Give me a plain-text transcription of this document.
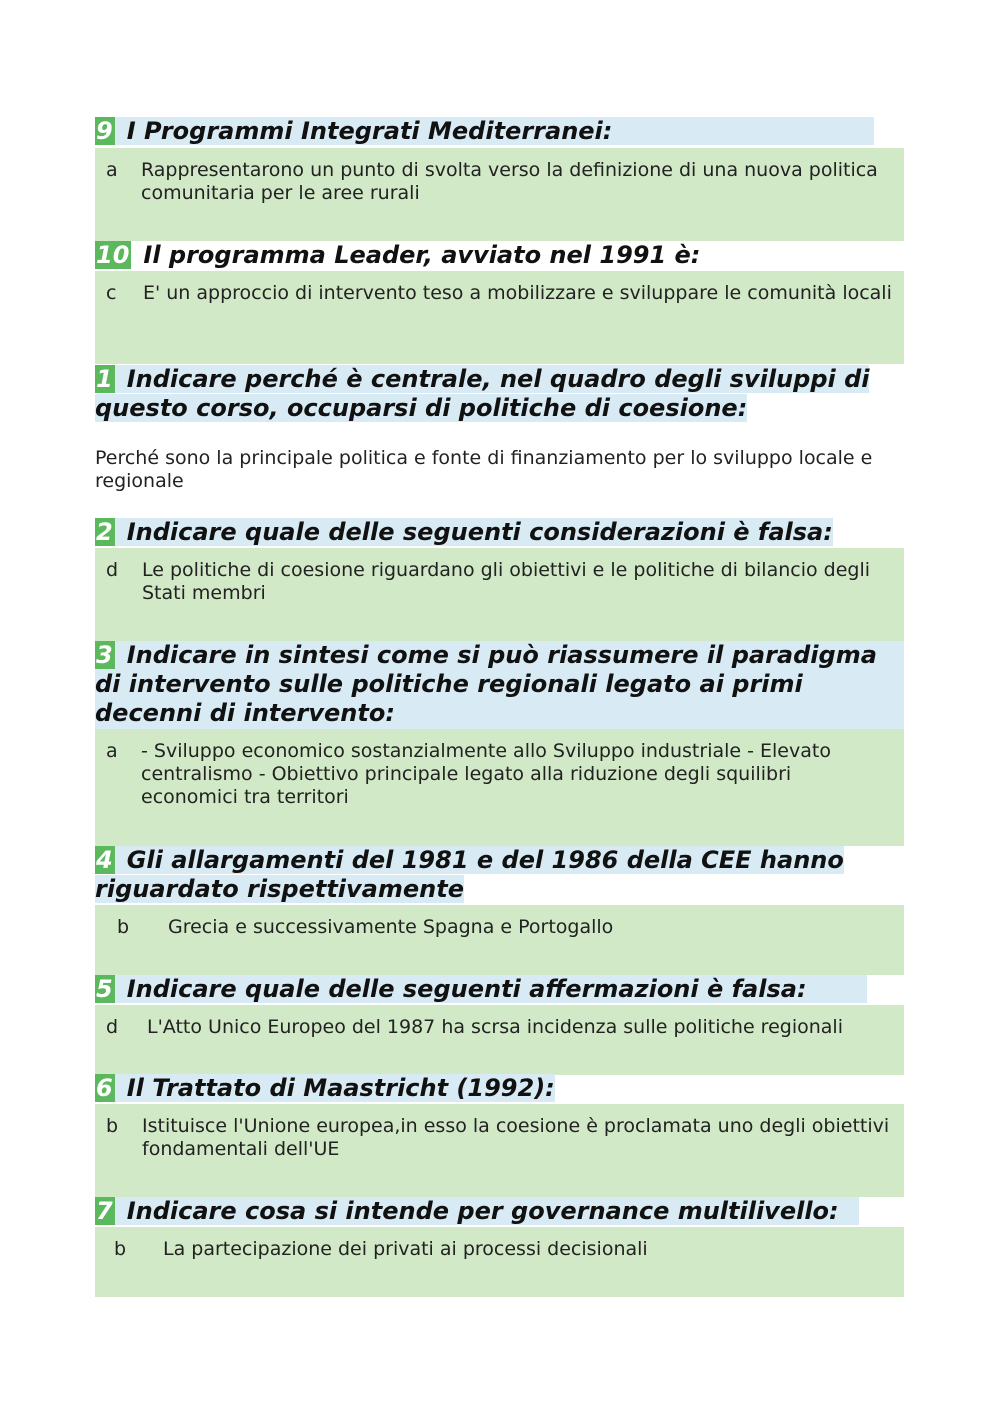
9 I Programmi Integrati Mediterranei:
a Rappresentarono un punto di svolta verso la definizione di una nuova politica comunitaria per le aree rurali
10 Il programma Leader, avviato nel 1991 è:
c E' un approccio di intervento teso a mobilizzare e sviluppare le comunità locali
1 Indicare perché è centrale, nel quadro degli sviluppi di questo corso, occuparsi di politiche di coesione:
Perché sono la principale politica e fonte di finanziamento per lo sviluppo locale e regionale
2 Indicare quale delle seguenti considerazioni è falsa:
d Le politiche di coesione riguardano gli obiettivi e le politiche di bilancio degli Stati membri
3 Indicare in sintesi come si può riassumere il paradigma di intervento sulle politiche regionali legato ai primi decenni di intervento:
a - Sviluppo economico sostanzialmente allo Sviluppo industriale - Elevato centralismo - Obiettivo principale legato alla riduzione degli squilibri economici tra territori
4 Gli allargamenti del 1981 e del 1986 della CEE hanno riguardato rispettivamente
b Grecia e successivamente Spagna e Portogallo
5 Indicare quale delle seguenti affermazioni è falsa:
d L'Atto Unico Europeo del 1987 ha scrsa incidenza sulle politiche regionali
6 Il Trattato di Maastricht (1992):
b Istituisce l'Unione europea,in esso la coesione è proclamata uno degli obiettivi fondamentali dell'UE
7 Indicare cosa si intende per governance multilivello:
b La partecipazione dei privati ai processi decisionali
